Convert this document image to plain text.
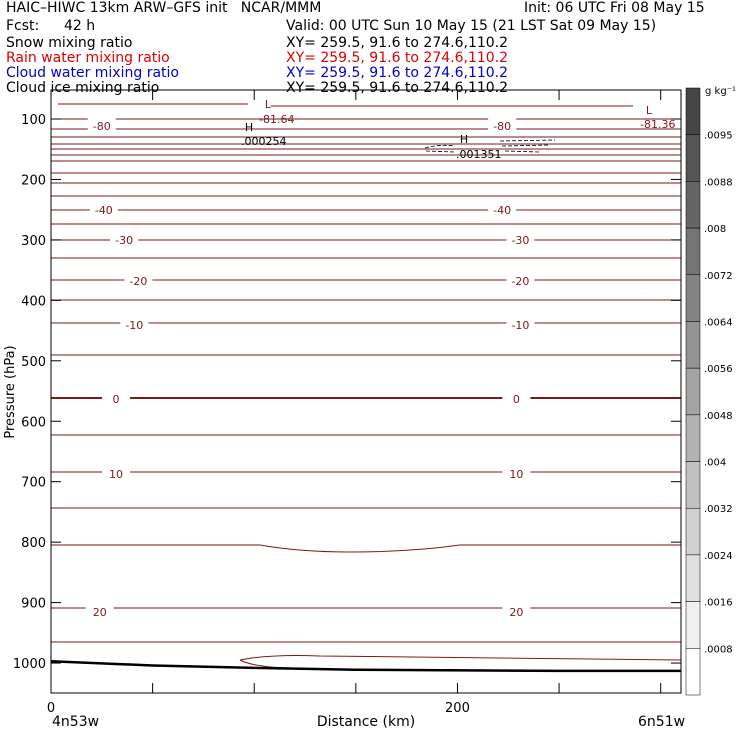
HAIC–HIWC 13km ARW–GFS init   NCAR/MMM	Init: 06 UTC Fri 08 May 15
Fcst: 42 h	Valid: 00 UTC Sun 10 May 15 (21 LST Sat 09 May 15)
Snow mixing ratio	XY= 259.5, 91.6 to 274.6,110.2
Rain water mixing ratio	XY= 259.5, 91.6 to 274.6,110.2
Cloud water mixing ratio	XY= 259.5, 91.6 to 274.6,110.2
Cloud ice mixing ratio	XY= 259.5, 91.6 to 274.6,110.2
-80	-80
-40	-40
-30	-30
-20	-20
-10	-10
0	0
10	10
20	20
L
-81.64
L
-81.36
H
.000254	H
.001351
100
200
300
400
500
600
700
800
900
1000
0	200
Pressure (hPa)
Distance (km)
4n53w	6n51w
.0095
.0088
.008
.0072
.0064
.0056
.0048
.004
.0032
.0024
.0016
.0008
g kg⁻¹
